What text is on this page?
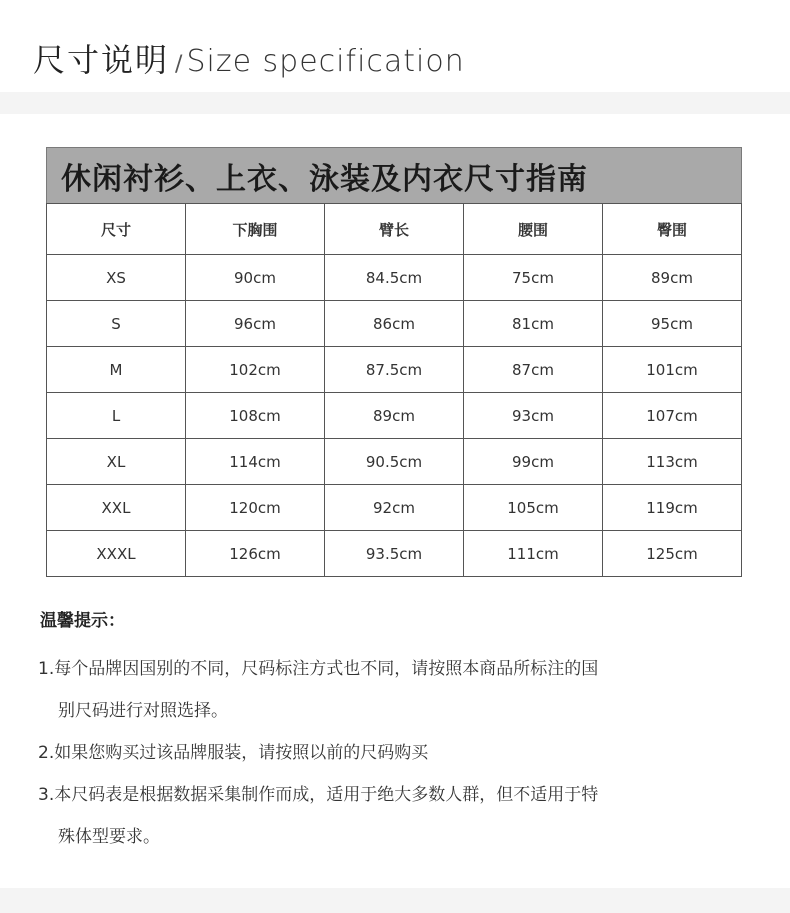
尺寸说明 / Size specification
休闲衬衫、上衣、泳装及内衣尺寸指南
尺寸	下胸围	臂长	腰围	臀围
XS	90cm	84.5cm	75cm	89cm
S	96cm	86cm	81cm	95cm
M	102cm	87.5cm	87cm	101cm
L	108cm	89cm	93cm	107cm
XL	114cm	90.5cm	99cm	113cm
XXL	120cm	92cm	105cm	119cm
XXXL	126cm	93.5cm	111cm	125cm
温馨提示：
1.每个品牌因国别的不同，尺码标注方式也不同，请按照本商品所标注的国
别尺码进行对照选择。
2.如果您购买过该品牌服装，请按照以前的尺码购买
3.本尺码表是根据数据采集制作而成，适用于绝大多数人群，但不适用于特
殊体型要求。
